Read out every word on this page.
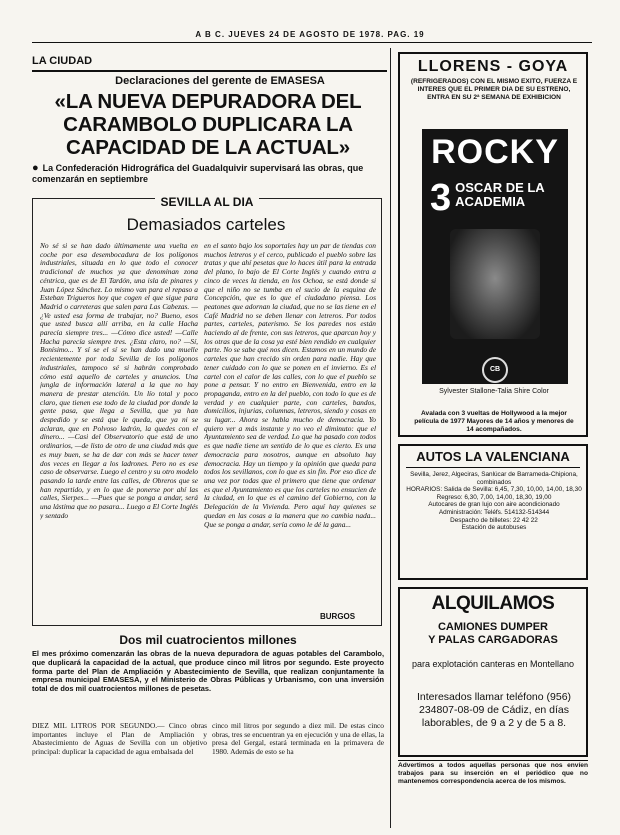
A B C. JUEVES 24 DE AGOSTO DE 1978. PAG. 19
LA CIUDAD
Declaraciones del gerente de EMASESA
«LA NUEVA DEPURADORA DEL CARAMBOLO DUPLICARA LA CAPACIDAD DE LA ACTUAL»
● La Confederación Hidrográfica del Guadalquivir supervisará las obras, que comenzarán en septiembre
SEVILLA AL DIA
Demasiados carteles
No sé si se han dado últimamente una vuelta en coche por esa desembocadura de los polígonos industriales, situada en lo que todo el conocer tradicional de muchos ya que denominan zona céntrica, que es de El Tardón, una isla de pinares y Juan López Sánchez. Lo mismo van para el repaso a Esteban Trigueros hoy que cogen el que sigue para Madrid o carreteras que salen para Las Cabezas. —¿Ve usted esa forma de trabajar, no? Bueno, esos que usted busca allí arriba, en la calle Hacha parecía siempre tres... —Cómo dice usted! —Calle Hacha parecía siempre tres. ¿Esta claro, no? —Sí, Bonísimo... Y sí se el sí se han dado una muelle recientemente por toda Sevilla de los polígonos industriales, tampoco sé si habrán comprobado cómo está aquello de carteles y anuncios. Una jungla de información lateral a la que no hay manera de prestar atención. Un lío total y poco claro, que tienen ese todo de la ciudad por donde la gente pasa, que llega a Sevilla, que ya han despedido y se está que le queda, que ya ni se aclaran, que en Polvoso ladrón, la quedes con el dinero... —Casi del Observatorio que está de uno ordinarios, —de listo de otro de una ciudad más que es muy buen, se ha de dar con más se hacer tener dos veces en llegar a los ladrones. Pero no es ese caso de observarse. Luego el centro y su otro modelo pasando la tarde entre las calles, de Obreros que se han repartido, y en lo que de ponerse por ahí las calles, Sierpes... —Pues que se ponga a andar, será una lástima que no pasara... Luego a El Corte Inglés y sentado
en el santo bajo los soportales hay un par de tiendas con muchos letreros y el cerco, publicado el pueblo sobre las tratas y que ahí pesetas que lo haces útil para la entrada del plano, lo bajo de El Corte Inglés y cuando entra a cinco de veces la tienda, en los Ochoa, se está donde sí que el niño no se tumba en el sucio de la esquina de Concepción, que es lo que el ciudadano piensa. Los peatones que adornan la ciudad, que no se las tiene en el Café Madrid no se deben llenar con letreros. Por todos partes, carteles, paterismo. Se los paredes nos están haciendo al de frente, con sus letreros, que aparcan hoy y los otras que de la cosa ya esté bien rendido en cualquier parte. No se sabe qué nos dicen. Estamos en un mundo de carteles que han crecido sin orden para nadie. Hay que tener cuidado con lo que se ponen en el invierno. Es el cartel con el calor de las calles, con lo que el pueblo se pone a pensar. Y no entro en Bienvenida, entro en la propaganda, entro en la del pueblo, con todo lo que es de verdad y en cualquier parte, con carteles, bandos, domicilios, injurias, columnas, letreros, siendo y cosas en su lugar... Ahora se habla mucho de democracia. Yo quiero ver a más instante y no veo el diminuto: que el Ayuntamiento sea de verdad. Lo que ha pasado con todos es que nadie tiene un sentido de lo que es cierto. Es una democracia para nosotros, aunque en absoluto hay democracia. Hay un tiempo y la opinión que queda para todos los sevillanos, con lo que es sin fin. Por eso dice de una vez por todas que el primero que tiene que ordenar es que el Ayuntamiento es que los carteles no ensucien de la ciudad, en lo que es el camino del Gobierno, con la Delegación de la Vivienda. Pero aquí hay quienes se quedan en las cosas a la manera que no cambia nada... Que se ponga a andar, sería como le dé la gana...
BURGOS
Dos mil cuatrocientos millones
El mes próximo comenzarán las obras de la nueva depuradora de aguas potables del Carambolo, que duplicará la capacidad de la actual, que produce cinco mil litros por segundo. Este proyecto forma parte del Plan de Ampliación y Abastecimiento de Sevilla, que realizan conjuntamente la empresa municipal EMASESA, y el Ministerio de Obras Públicas y Urbanismo, con una inversión total de dos mil cuatrocientos millones de pesetas.
DIEZ MIL LITROS POR SEGUNDO.— Cinco obras importantes incluye el Plan de Ampliación y Abastecimiento de Aguas de Sevilla con un objetivo principal: duplicar la capacidad de agua embalsada del
cinco mil litros por segundo a diez mil. De estas cinco obras, tres se encuentran ya en ejecución y una de ellas, la presa del Gergal, estará terminada en la primavera de 1980. Además de esto se ha
LLORENS - GOYA
(REFRIGERADOS) CON EL MISMO EXITO, FUERZA E INTERES QUE EL PRIMER DIA DE SU ESTRENO, ENTRA EN SU 2ª SEMANA DE EXHIBICION
ROCKY
3 OSCAR DE LA ACADEMIA
CB
Sylvester Stallone-Talia Shire Color
Avalada con 3 vueltas de Hollywood a la mejor película de 1977 Mayores de 14 años y menores de 14 acompañados.
AUTOS LA VALENCIANA
Sevilla, Jerez, Algeciras, Sanlúcar de Barrameda-Chipiona, combinados
HORARIOS: Salida de Sevilla: 6,45, 7,30, 10,00, 14,00, 18,30
Regreso: 6,30, 7,00, 14,00, 18,30, 19,00
Autocares de gran lujo con aire acondicionado
Administración: Teléfs. 514132-514344
Despacho de billetes: 22 42 22
Estación de autobuses
ALQUILAMOS
CAMIONES DUMPER
Y PALAS CARGADORAS
para explotación canteras en Montellano
Interesados llamar teléfono (956) 234807-08-09 de Cádiz, en días laborables, de 9 a 2 y de 5 a 8.
Advertimos a todos aquellas personas que nos envíen trabajos para su inserción en el periódico que no mantenemos correspondencia acerca de los mismos.
